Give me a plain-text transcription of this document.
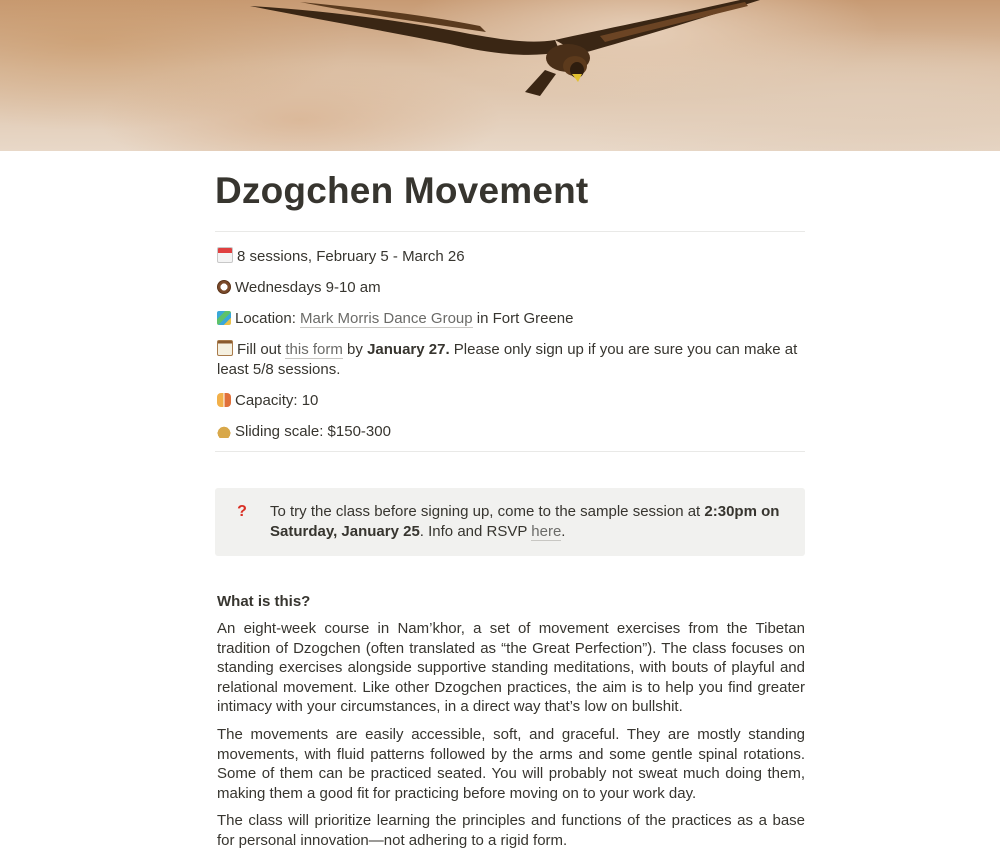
Dzogchen Movement
8 sessions, February 5 - March 26
Wednesdays 9-10 am
Location: Mark Morris Dance Group in Fort Greene
Fill out this form by January 27. Please only sign up if you are sure you can make at least 5/8 sessions.
Capacity: 10
Sliding scale: $150-300
?	To try the class before signing up, come to the sample session at 2:30pm on Saturday, January 25. Info and RSVP here.
What is this?
An eight-week course in Nam’khor, a set of movement exercises from the Tibetan tradition of Dzogchen (often translated as “the Great Perfection”). The class focuses on standing exercises alongside supportive standing meditations, with bouts of playful and relational movement. Like other Dzogchen practices, the aim is to help you find greater intimacy with your circumstances, in a direct way that’s low on bullshit.
The movements are easily accessible, soft, and graceful. They are mostly standing movements, with fluid patterns followed by the arms and some gentle spinal rotations. Some of them can be practiced seated. You will probably not sweat much doing them, making them a good fit for practicing before moving on to your work day.
The class will prioritize learning the principles and functions of the practices as a base for personal innovation—not adhering to a rigid form.
